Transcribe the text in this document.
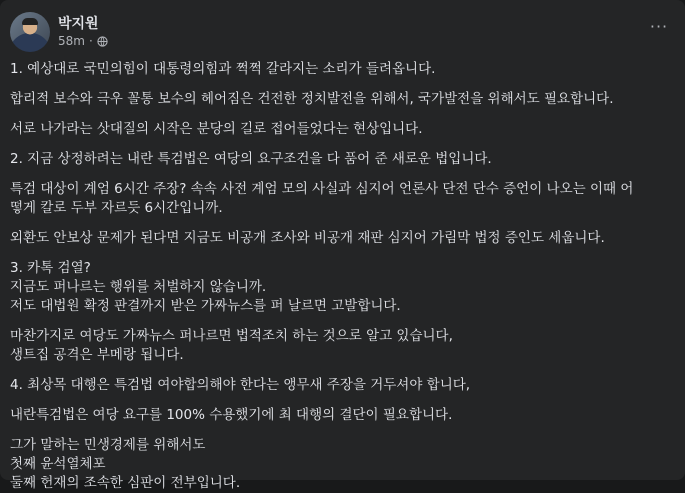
박지원
58m ·
···

1. 예상대로 국민의힘이 대통령의힘과 쩍쩍 갈라지는 소리가 들려옵니다.

합리적 보수와 극우 꼴통 보수의 헤어짐은 건전한 정치발전을 위해서, 국가발전을 위해서도 필요합니다.

서로 나가라는 삿대질의 시작은 분당의 길로 접어들었다는 현상입니다.

2. 지금 상정하려는 내란 특검법은 여당의 요구조건을 다 품어 준 새로운 법입니다.

특검 대상이 계엄 6시간 주장? 속속 사전 계엄 모의 사실과 심지어 언론사 단전 단수 증언이 나오는 이때 어
떻게 칼로 두부 자르듯 6시간입니까.

외환도 안보상 문제가 된다면 지금도 비공개 조사와 비공개 재판 심지어 가림막 법정 증인도 세웁니다.

3. 카톡 검열?
지금도 퍼나르는 행위를 처벌하지 않습니까.
저도 대법원 확정 판결까지 받은 가짜뉴스를 퍼 날르면 고발합니다.

마찬가지로 여당도 가짜뉴스 퍼나르면 법적조치 하는 것으로 알고 있습니다,
생트집 공격은 부메랑 됩니다.

4. 최상목 대행은 특검법 여야합의해야 한다는 앵무새 주장을 거두셔야 합니다,

내란특검법은 여당 요구를 100% 수용했기에 최 대행의 결단이 필요합니다.

그가 말하는 민생경제를 위해서도
첫째 윤석열체포
둘째 헌재의 조속한 심판이 전부입니다.
